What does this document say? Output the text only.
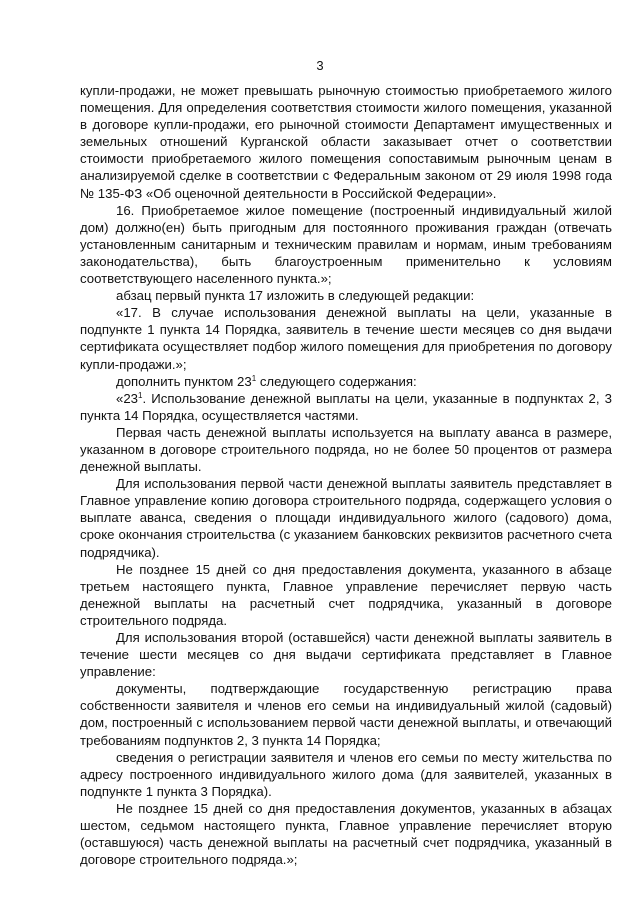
3

купли-продажи, не может превышать рыночную стоимостью приобретаемого жилого помещения. Для определения соответствия стоимости жилого помещения, указанной в договоре купли-продажи, его рыночной стоимости Департамент имущественных и земельных отношений Курганской области заказывает отчет о соответствии стоимости приобретаемого жилого помещения сопоставимым рыночным ценам в анализируемой сделке в соответствии с Федеральным законом от 29 июля 1998 года № 135-ФЗ «Об оценочной деятельности в Российской Федерации».

16. Приобретаемое жилое помещение (построенный индивидуальный жилой дом) должно(ен) быть пригодным для постоянного проживания граждан (отвечать установленным санитарным и техническим правилам и нормам, иным требованиям законодательства), быть благоустроенным применительно к условиям соответствующего населенного пункта.»;

абзац первый пункта 17 изложить в следующей редакции:

«17. В случае использования денежной выплаты на цели, указанные в подпункте 1 пункта 14 Порядка, заявитель в течение шести месяцев со дня выдачи сертификата осуществляет подбор жилого помещения для приобретения по договору купли-продажи.»;

дополнить пунктом $23^1$ следующего содержания:

«$23^1$. Использование денежной выплаты на цели, указанные в подпунктах 2, 3 пункта 14 Порядка, осуществляется частями.

Первая часть денежной выплаты используется на выплату аванса в размере, указанном в договоре строительного подряда, но не более 50 процентов от размера денежной выплаты.

Для использования первой части денежной выплаты заявитель представляет в Главное управление копию договора строительного подряда, содержащего условия о выплате аванса, сведения о площади индивидуального жилого (садового) дома, сроке окончания строительства (с указанием банковских реквизитов расчетного счета подрядчика).

Не позднее 15 дней со дня предоставления документа, указанного в абзаце третьем настоящего пункта, Главное управление перечисляет первую часть денежной выплаты на расчетный счет подрядчика, указанный в договоре строительного подряда.

Для использования второй (оставшейся) части денежной выплаты заявитель в течение шести месяцев со дня выдачи сертификата представляет в Главное управление:

документы, подтверждающие государственную регистрацию права собственности заявителя и членов его семьи на индивидуальный жилой (садовый) дом, построенный с использованием первой части денежной выплаты, и отвечающий требованиям подпунктов 2, 3 пункта 14 Порядка;

сведения о регистрации заявителя и членов его семьи по месту жительства по адресу построенного индивидуального жилого дома (для заявителей, указанных в подпункте 1 пункта 3 Порядка).

Не позднее 15 дней со дня предоставления документов, указанных в абзацах шестом, седьмом настоящего пункта, Главное управление перечисляет вторую (оставшуюся) часть денежной выплаты на расчетный счет подрядчика, указанный в договоре строительного подряда.»;
